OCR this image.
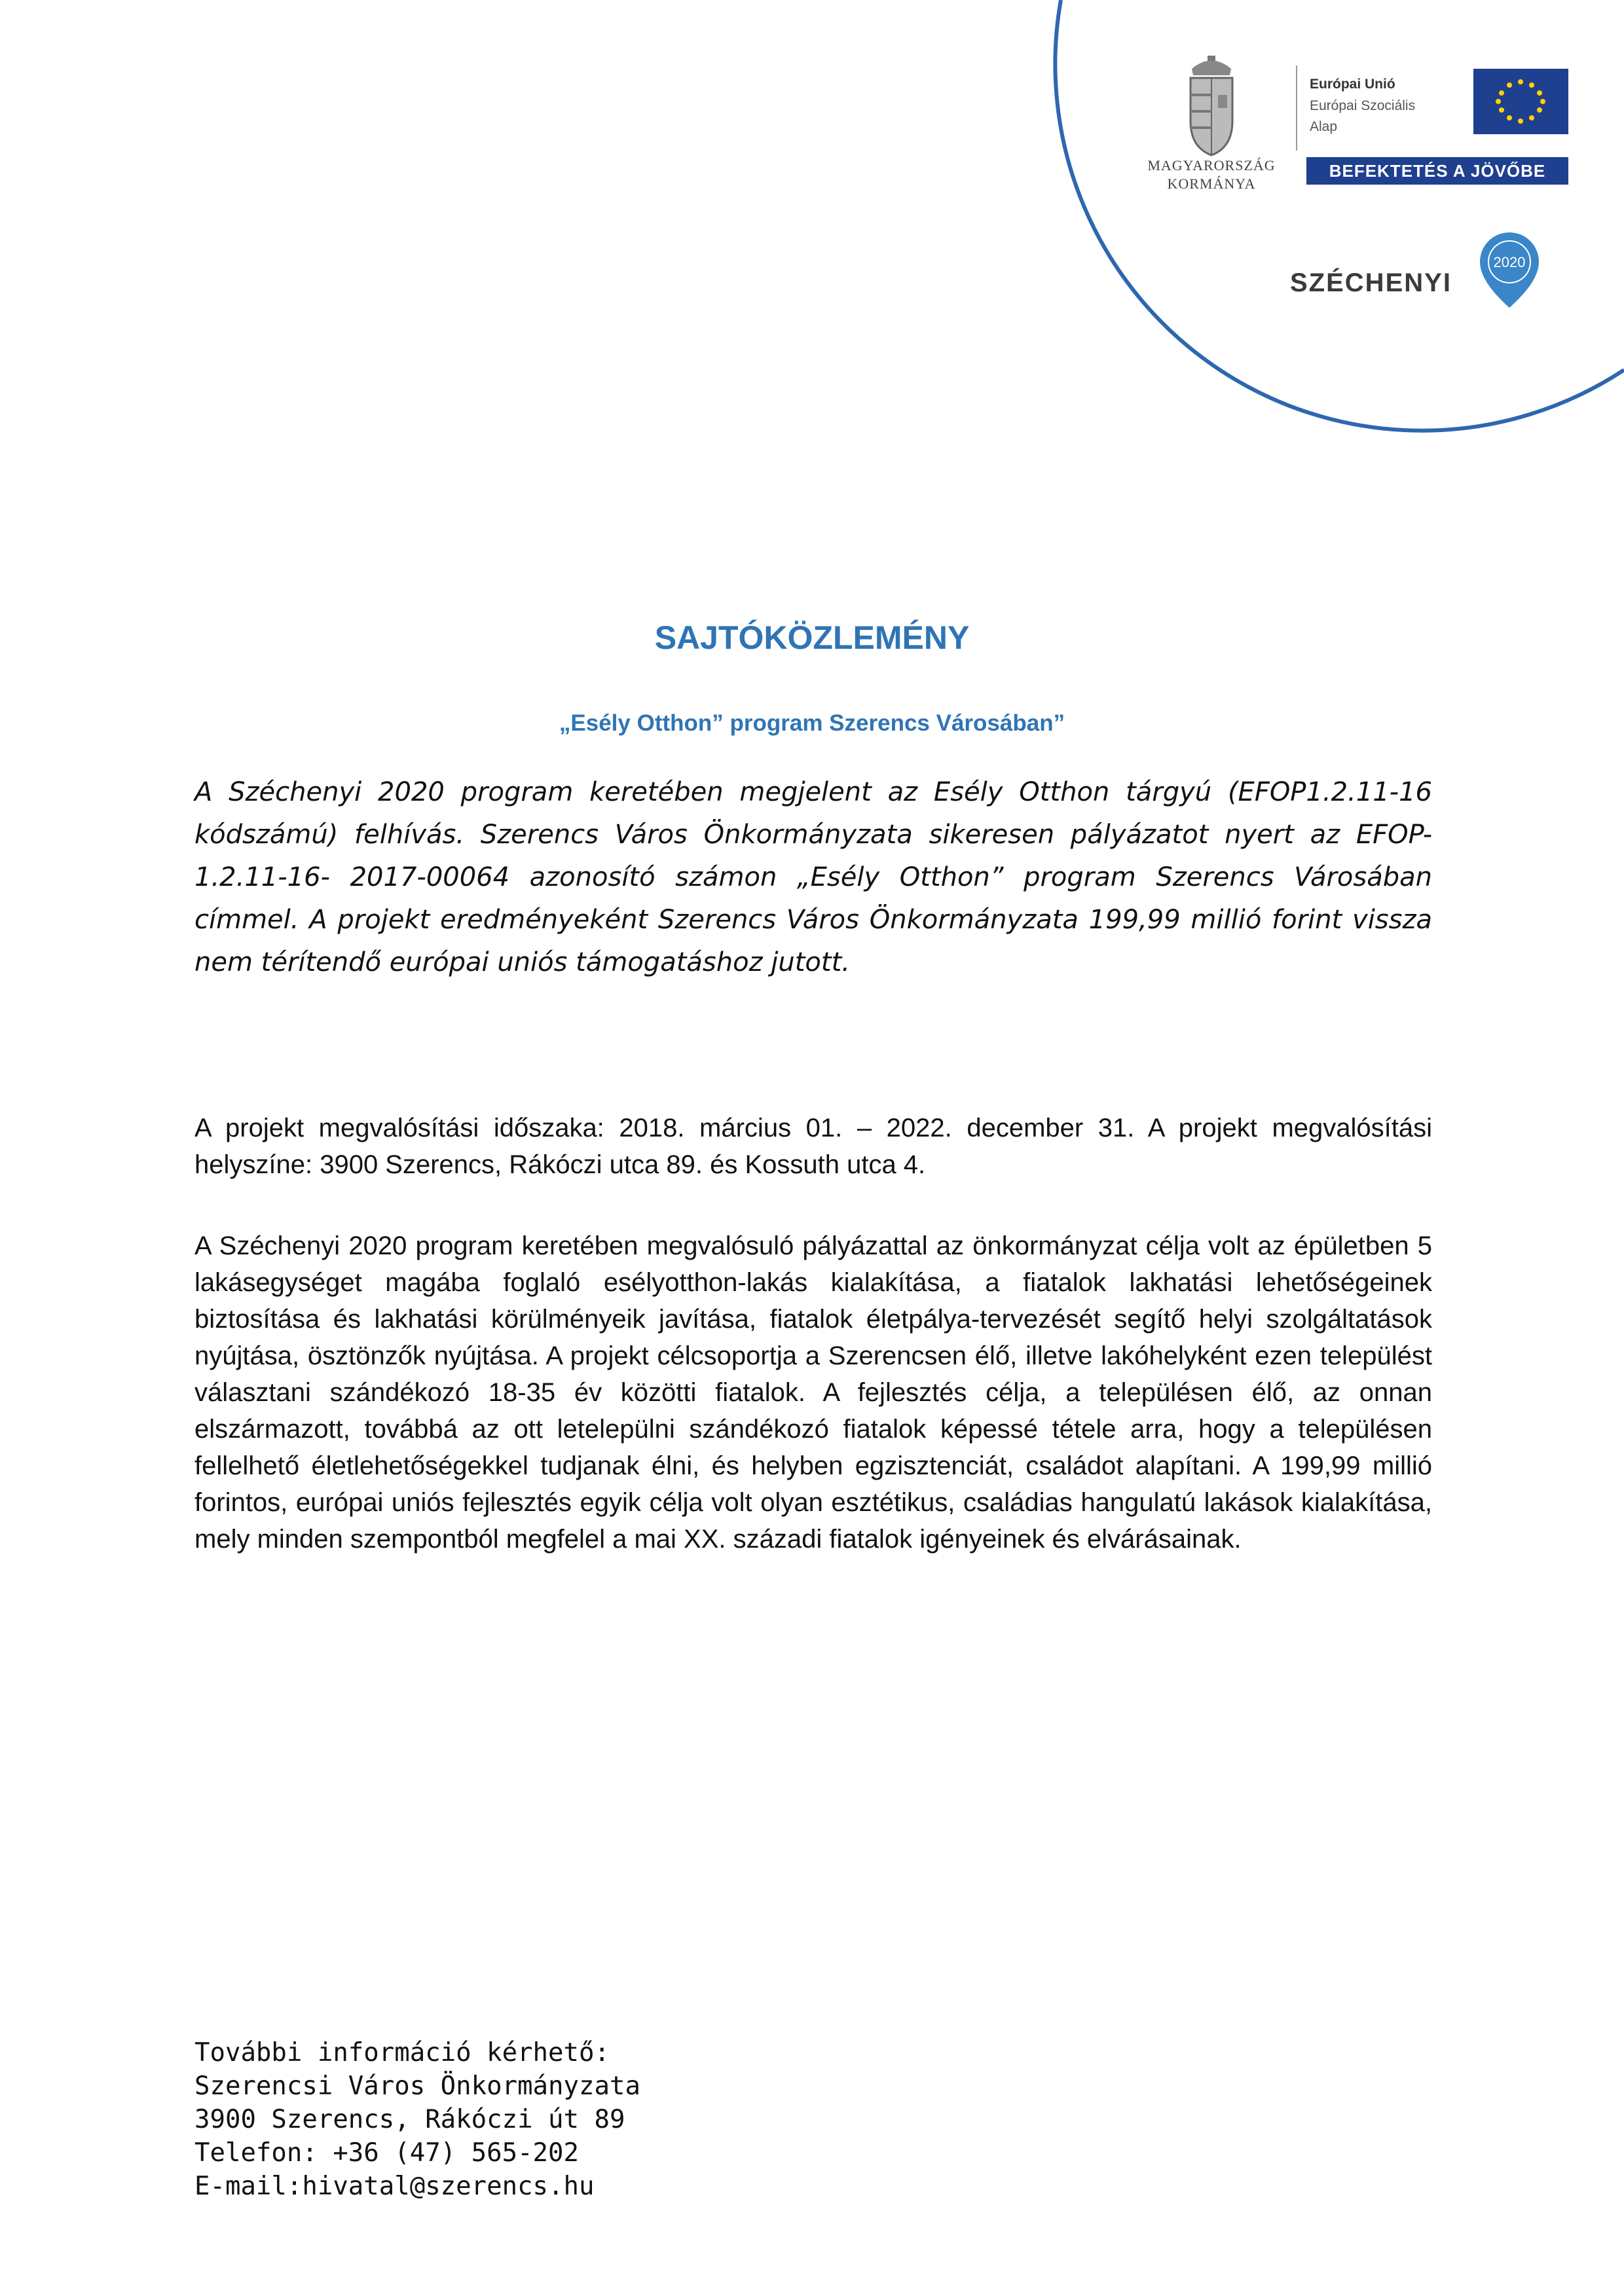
MAGYARORSZÁG
KORMÁNYA
Európai Unió
Európai Szociális
Alap
BEFEKTETÉS A JÖVŐBE
SZÉCHENYI
2020
SAJTÓKÖZLEMÉNY
„Esély Otthon” program Szerencs Városában”
A Széchenyi 2020 program keretében megjelent az Esély Otthon tárgyú (EFOP1.2.11-16 kódszámú) felhívás. Szerencs Város Önkormányzata sikeresen pályázatot nyert az EFOP- 1.2.11-16- 2017-00064 azonosító számon „Esély Otthon” program Szerencs Városában címmel. A projekt eredményeként Szerencs Város Önkormányzata 199,99 millió forint vissza nem térítendő európai uniós támogatáshoz jutott.
A projekt megvalósítási időszaka: 2018. március 01. – 2022. december 31. A projekt megvalósítási helyszíne: 3900 Szerencs, Rákóczi utca 89. és Kossuth utca 4.
A Széchenyi 2020 program keretében megvalósuló pályázattal az önkormányzat célja volt az épületben 5 lakásegységet magába foglaló esélyotthon-lakás kialakítása, a fiatalok lakhatási lehetőségeinek biztosítása és lakhatási körülményeik javítása, fiatalok életpálya-tervezését segítő helyi szolgáltatások nyújtása, ösztönzők nyújtása. A projekt célcsoportja a Szerencsen élő, illetve lakóhelyként ezen települést választani szándékozó 18-35 év közötti fiatalok. A fejlesztés célja, a településen élő, az onnan elszármazott, továbbá az ott letelepülni szándékozó fiatalok képessé tétele arra, hogy a településen fellelhető életlehetőségekkel tudjanak élni, és helyben egzisztenciát, családot alapítani. A 199,99 millió forintos, európai uniós fejlesztés egyik célja volt olyan esztétikus, családias hangulatú lakások kialakítása, mely minden szempontból megfelel a mai XX. századi fiatalok igényeinek és elvárásainak.
További információ kérhető:
Szerencsi Város Önkormányzata
3900 Szerencs, Rákóczi út 89
Telefon: +36 (47) 565-202
E-mail:hivatal@szerencs.hu
